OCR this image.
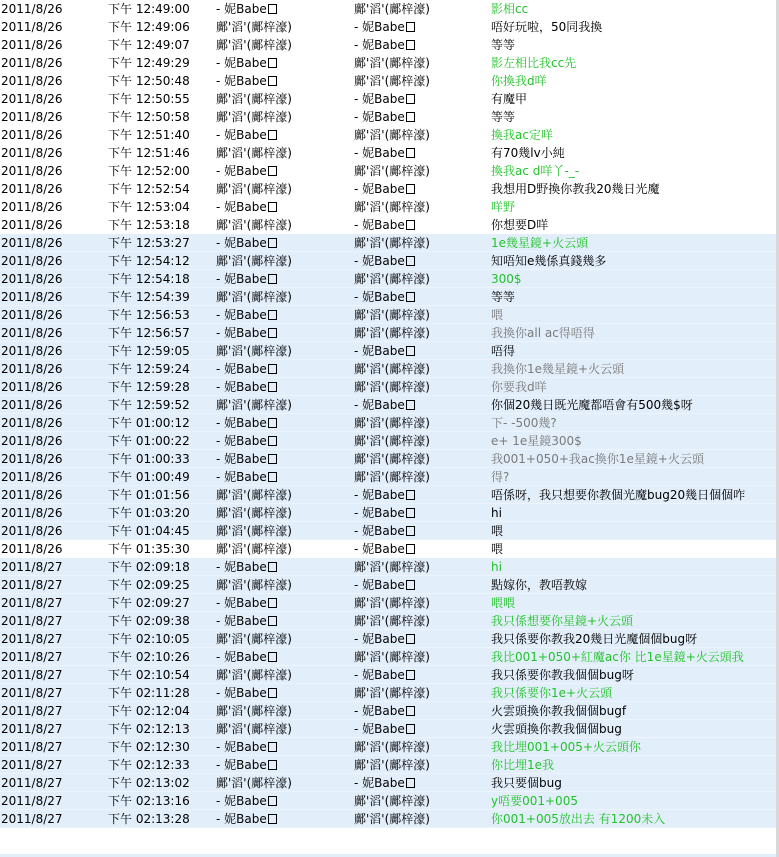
2011/8/26	下午 12:49:00	- 妮Babe	鄺'滔'(鄺梓濠)	影相cc
2011/8/26	下午 12:49:06	鄺'滔'(鄺梓濠)	- 妮Babe	唔好玩啦，50同我換
2011/8/26	下午 12:49:07	鄺'滔'(鄺梓濠)	- 妮Babe	等等
2011/8/26	下午 12:49:29	- 妮Babe	鄺'滔'(鄺梓濠)	影左相比我cc先
2011/8/26	下午 12:50:48	- 妮Babe	鄺'滔'(鄺梓濠)	你換我d咩
2011/8/26	下午 12:50:55	鄺'滔'(鄺梓濠)	- 妮Babe	有魔甲
2011/8/26	下午 12:50:58	鄺'滔'(鄺梓濠)	- 妮Babe	等等
2011/8/26	下午 12:51:40	- 妮Babe	鄺'滔'(鄺梓濠)	換我ac定咩
2011/8/26	下午 12:51:46	鄺'滔'(鄺梓濠)	- 妮Babe	有70幾lv小純
2011/8/26	下午 12:52:00	- 妮Babe	鄺'滔'(鄺梓濠)	換我ac d咩丫-_-
2011/8/26	下午 12:52:54	鄺'滔'(鄺梓濠)	- 妮Babe	我想用D野換你教我20幾日光魔
2011/8/26	下午 12:53:04	- 妮Babe	鄺'滔'(鄺梓濠)	咩野
2011/8/26	下午 12:53:18	鄺'滔'(鄺梓濠)	- 妮Babe	你想要D咩
2011/8/26	下午 12:53:27	- 妮Babe	鄺'滔'(鄺梓濠)	1e幾星鏡+火云頭
2011/8/26	下午 12:54:12	鄺'滔'(鄺梓濠)	- 妮Babe	知唔知e幾係真錢幾多
2011/8/26	下午 12:54:18	- 妮Babe	鄺'滔'(鄺梓濠)	300$
2011/8/26	下午 12:54:39	鄺'滔'(鄺梓濠)	- 妮Babe	等等
2011/8/26	下午 12:56:53	- 妮Babe	鄺'滔'(鄺梓濠)	喂
2011/8/26	下午 12:56:57	- 妮Babe	鄺'滔'(鄺梓濠)	我換你all ac得唔得
2011/8/26	下午 12:59:05	鄺'滔'(鄺梓濠)	- 妮Babe	唔得
2011/8/26	下午 12:59:24	- 妮Babe	鄺'滔'(鄺梓濠)	我換你1e幾星鏡+火云頭
2011/8/26	下午 12:59:28	- 妮Babe	鄺'滔'(鄺梓濠)	你要我d咩
2011/8/26	下午 12:59:52	鄺'滔'(鄺梓濠)	- 妮Babe	你個20幾日既光魔都唔會有500幾$呀
2011/8/26	下午 01:00:12	- 妮Babe	鄺'滔'(鄺梓濠)	下- -500幾?
2011/8/26	下午 01:00:22	- 妮Babe	鄺'滔'(鄺梓濠)	e+ 1e星鏡300$
2011/8/26	下午 01:00:33	- 妮Babe	鄺'滔'(鄺梓濠)	我001+050+我ac換你1e星鏡+火云頭
2011/8/26	下午 01:00:49	- 妮Babe	鄺'滔'(鄺梓濠)	得?
2011/8/26	下午 01:01:56	鄺'滔'(鄺梓濠)	- 妮Babe	唔係呀，我只想要你教個光魔bug20幾日個個咋
2011/8/26	下午 01:03:20	鄺'滔'(鄺梓濠)	- 妮Babe	hi
2011/8/26	下午 01:04:45	鄺'滔'(鄺梓濠)	- 妮Babe	喂
2011/8/26	下午 01:35:30	鄺'滔'(鄺梓濠)	- 妮Babe	喂
2011/8/27	下午 02:09:18	- 妮Babe	鄺'滔'(鄺梓濠)	hi
2011/8/27	下午 02:09:25	鄺'滔'(鄺梓濠)	- 妮Babe	點嫁你，教唔教嫁
2011/8/27	下午 02:09:27	- 妮Babe	鄺'滔'(鄺梓濠)	喂喂
2011/8/27	下午 02:09:38	- 妮Babe	鄺'滔'(鄺梓濠)	我只係想要你星鏡+火云頭
2011/8/27	下午 02:10:05	鄺'滔'(鄺梓濠)	- 妮Babe	我只係要你教我20幾日光魔個個bug呀
2011/8/27	下午 02:10:26	- 妮Babe	鄺'滔'(鄺梓濠)	我比001+050+紅魔ac你 比1e星鏡+火云頭我
2011/8/27	下午 02:10:54	鄺'滔'(鄺梓濠)	- 妮Babe	我只係要你教我個個bug呀
2011/8/27	下午 02:11:28	- 妮Babe	鄺'滔'(鄺梓濠)	我只係要你1e+火云頭
2011/8/27	下午 02:12:04	鄺'滔'(鄺梓濠)	- 妮Babe	火雲頭換你教我個個bugf
2011/8/27	下午 02:12:13	鄺'滔'(鄺梓濠)	- 妮Babe	火雲頭換你教我個個bug
2011/8/27	下午 02:12:30	- 妮Babe	鄺'滔'(鄺梓濠)	我比埋001+005+火云頭你
2011/8/27	下午 02:12:33	- 妮Babe	鄺'滔'(鄺梓濠)	你比埋1e我
2011/8/27	下午 02:13:02	鄺'滔'(鄺梓濠)	- 妮Babe	我只要個bug
2011/8/27	下午 02:13:16	- 妮Babe	鄺'滔'(鄺梓濠)	y唔要001+005
2011/8/27	下午 02:13:28	- 妮Babe	鄺'滔'(鄺梓濠)	你001+005放出去 有1200未入
